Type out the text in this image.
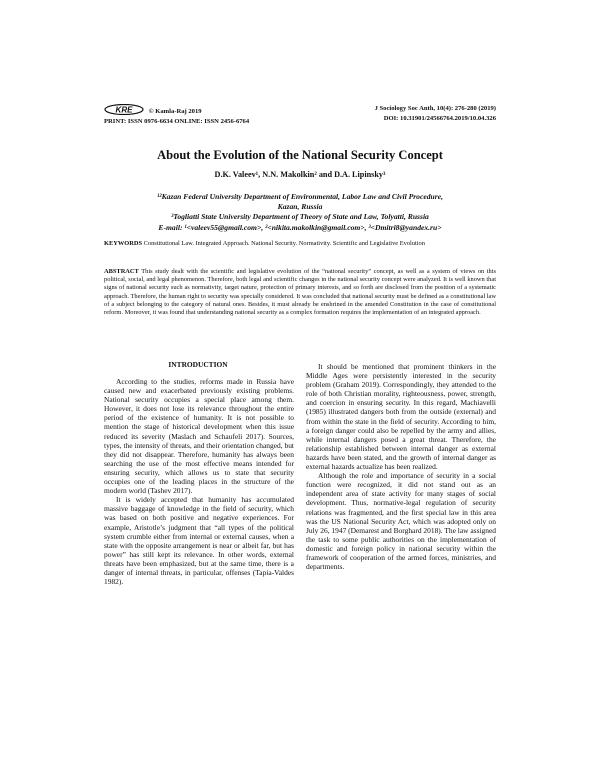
KRE © Kamla-Raj 2019
PRINT: ISSN 0976-6634 ONLINE: ISSN 2456-6764
J Sociology Soc Anth, 10(4): 276-280 (2019)
DOI: 10.31901/24566764.2019/10.04.326
About the Evolution of the National Security Concept
D.K. Valeev¹, N.N. Makolkin² and D.A. Lipinsky³
¹²Kazan Federal University Department of Environmental, Labor Law and Civil Procedure,
Kazan, Russia
³Togliatti State University Department of Theory of State and Law, Tolyatti, Russia
E-mail: ¹<valeev55@gmail.com>, ²<nikita.makolkin@gmail.com>, ³<Dmitri8@yandex.ru>
KEYWORDS Constitutional Law. Integrated Approach. National Security. Normativity. Scientific and Legislative Evolution
ABSTRACT This study dealt with the scientific and legislative evolution of the “national security” concept, as well as a system of views on this political, social, and legal phenomenon. Therefore, both legal and scientific changes in the national security concept were analyzed. It is well known that signs of national security such as normativity, target nature, protection of primary interests, and so forth are disclosed from the position of a systematic approach. Therefore, the human right to security was specially considered. It was concluded that national security must be defined as a constitutional law of a subject belonging to the category of natural ones. Besides, it must already be enshrined in the amended Constitution in the case of constitutional reform. Moreover, it was found that understanding national security as a complex formation requires the implementation of an integrated approach.
INTRODUCTION

According to the studies, reforms made in Russia have caused new and exacerbated previously existing problems. National security occupies a special place among them. However, it does not lose its relevance throughout the entire period of the existence of humanity. It is not possible to mention the stage of historical development when this issue reduced its severity (Maslach and Schaufeli 2017). Sources, types, the intensity of threats, and their orientation changed, but they did not disappear. Therefore, humanity has always been searching the use of the most effective means intended for ensuring security, which allows us to state that security occupies one of the leading places in the structure of the modern world (Tashev 2017).

It is widely accepted that humanity has accumulated massive baggage of knowledge in the field of security, which was based on both positive and negative experiences. For example, Aristotle’s judgment that “all types of the political system crumble either from internal or external causes, when a state with the opposite arrangement is near or albeit far, but has power” has still kept its relevance. In other words, external threats have been emphasized, but at the same time, there is a danger of internal threats, in particular, offenses (Tapia-Valdes 1982).

It should be mentioned that prominent thinkers in the Middle Ages were persistently interested in the security problem (Graham 2019). Correspondingly, they attended to the role of both Christian morality, righteousness, power, strength, and coercion in ensuring security. In this regard, Machiavelli (1985) illustrated dangers both from the outside (external) and from within the state in the field of security. According to him, a foreign danger could also be repelled by the army and allies, while internal dangers posed a great threat. Therefore, the relationship established between internal danger as external hazards have been stated, and the growth of internal danger as external hazards actualize has been realized.

Although the role and importance of security in a social function were recognized, it did not stand out as an independent area of state activity for many stages of social development. Thus, normative-legal regulation of security relations was fragmented, and the first special law in this area was the US National Security Act, which was adopted only on July 26, 1947 (Demarest and Borghard 2018). The law assigned the task to some public authorities on the implementation of domestic and foreign policy in national security within the framework of cooperation of the armed forces, ministries, and departments.
